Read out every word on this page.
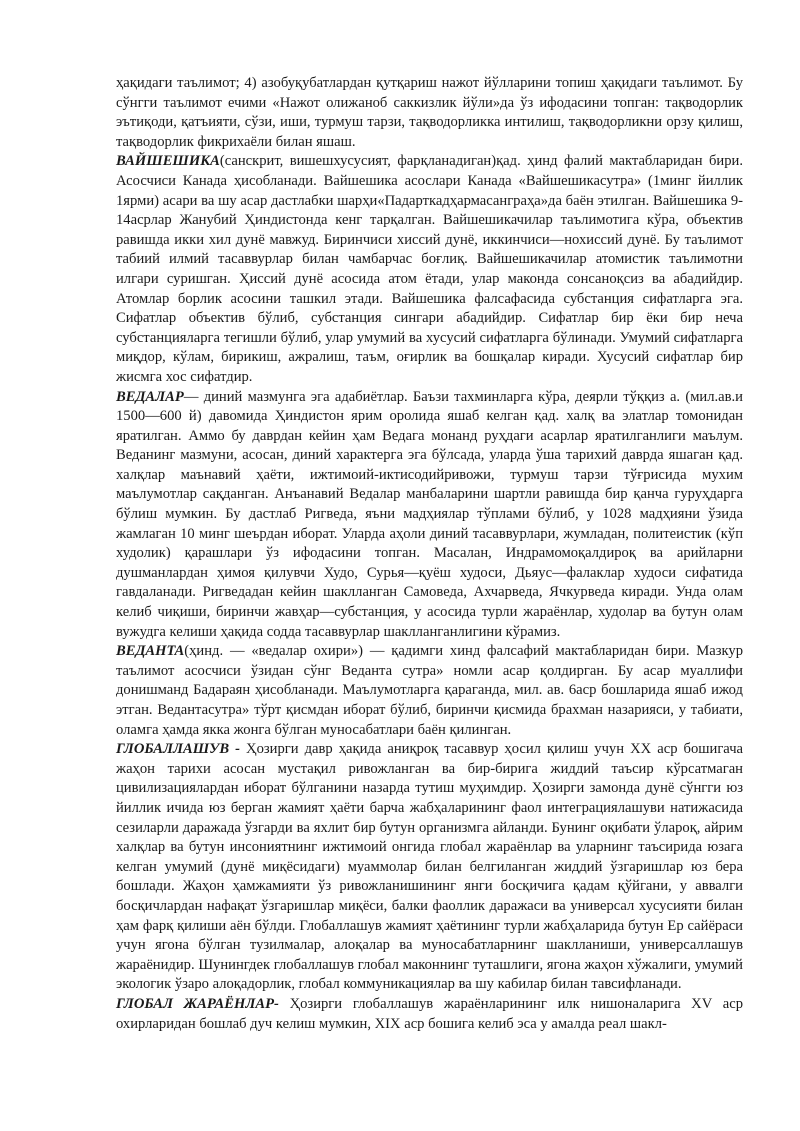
ҳақидаги таълимот; 4) азобуқубатлардан қутқариш нажот йўлларини топиш ҳақидаги таълимот. Бу сўнгги таълимот ечими «Нажот олижаноб саккизлик йўли»да ўз ифодасини топган: тақводорлик эътиқоди, қатъияти, сўзи, иши, турмуш тарзи, тақводорликка интилиш, тақводорликни орзу қилиш, тақводорлик фикрихаёли билан яшаш.

ВАЙШЕШИКА(санскрит, вишешхусусият, фарқланадиган)қад. ҳинд фалий мактабларидан бири. Асосчиси Канада ҳисобланади. Вайшешика асослари Канада «Вайшешикасутра» (1минг йиллик 1ярми) асари ва шу асар дастлабки шарҳи«Падарткадҳармасанграҳа»да баён этилган. Вайшешика 9-14асрлар Жанубий Ҳиндистонда кенг тарқалган. Вайшешикачилар таълимотига кўра, объектив равишда икки хил дунё мавжуд. Биринчиси хиссий дунё, иккинчиси—нохиссий дунё. Бу таълимот табиий илмий тасаввурлар билан чамбарчас боғлиқ. Вайшешикачилар атомистик таълимотни илгари суришган. Ҳиссий дунё асосида атом ётади, улар маконда сонсаноқсиз ва абадийдир. Атомлар борлик асосини ташкил этади. Вайшешика фалсафасида субстанция сифатларга эга. Сифатлар объектив бўлиб, субстанция сингари абадийдир. Сифатлар бир ёки бир неча субстанцияларга тегишли бўлиб, улар умумий ва хусусий сифатларга бўлинади. Умумий сифатларга миқдор, кўлам, бирикиш, ажралиш, таъм, оғирлик ва бошқалар киради. Хусусий сифатлар бир жисмга хос сифатдир.

ВЕДАЛАР— диний мазмунга эга адабиётлар. Баъзи тахминларга кўра, деярли тўққиз а. (мил.ав.и 1500—600 й) давомида Ҳиндистон ярим оролида яшаб келган қад. халқ ва элатлар томонидан яратилган. Аммо бу даврдан кейин ҳам Ведага монанд руҳдаги асарлар яратилганлиги маълум. Веданинг мазмуни, асосан, диний характерга эга бўлсада, уларда ўша тарихий даврда яшаган қад. халқлар маънавий ҳаёти, ижтимоий-иктисодийривожи, турмуш тарзи тўғрисида мухим маълумотлар сақданган. Анъанавий Ведалар манбаларини шартли равишда бир қанча гуруҳдарга бўлиш мумкин. Бу дастлаб Ригведа, яъни мадҳиялар тўплами бўлиб, у 1028 мадҳияни ўзида жамлаган 10 минг шеърдан иборат. Уларда аҳоли диний тасаввурлари, жумладан, политеистик (кўп худолик) қарашлари ўз ифодасини топган. Масалан, Индрамомоқалдироқ ва арийларни душманлардан ҳимоя қилувчи Худо, Сурья—қуёш худоси, Дьяус—фалаклар худоси сифатида гавдаланади. Ригведадан кейин шаклланган Самоведа, Ахчарведа, Ячкурведа киради. Унда олам келиб чиқиши, биринчи жавҳар—субстанция, у асосида турли жараёнлар, худолар ва бутун олам вужудга келиши ҳақида содда тасаввурлар шаклланганлигини кўрамиз.

ВЕДАНТА(ҳинд. — «ведалар охири») — қадимги хинд фалсафий мактабларидан бири. Мазкур таълимот асосчиси ўзидан сўнг Веданта сутра» номли асар қолдирган. Бу асар муаллифи донишманд Бадараян ҳисобланади. Маълумотларга қараганда, мил. ав. 6аср бошларида яшаб ижод этган. Ведантасутра» тўрт қисмдан иборат бўлиб, биринчи қисмида брахман назарияси, у табиати, оламга ҳамда якка жонга бўлган муносабатлари баён қилинган.

ГЛОБАЛЛАШУВ - Ҳозирги давр ҳақида аниқроқ тасаввур ҳосил қилиш учун XX аср бошигача жаҳон тарихи асосан мустақил ривожланган ва бир-бирига жиддий таъсир кўрсатмаган цивилизациялардан иборат бўлганини назарда тутиш муҳимдир. Ҳозирги замонда дунё сўнгги юз йиллик ичида юз берган жамият ҳаёти барча жабҳаларининг фаол интеграциялашуви натижасида сезиларли даражада ўзгарди ва яхлит бир бутун организмга айланди. Бунинг оқибати ўлароқ, айрим халқлар ва бутун инсониятнинг ижтимоий онгида глобал жараёнлар ва уларнинг таъсирида юзага келган умумий (дунё миқёсидаги) муаммолар билан белгиланган жиддий ўзгаришлар юз бера бошлади. Жаҳон ҳамжамияти ўз ривожланишининг янги босқичига қадам қўйгани, у аввалги босқичлардан нафақат ўзгаришлар миқёси, балки фаоллик даражаси ва универсал хусусияти билан ҳам фарқ қилиши аён бўлди. Глобаллашув жамият ҳаётининг турли жабҳаларида бутун Ер сайёраси учун ягона бўлган тузилмалар, алоқалар ва муносабатларнинг шаклланиши, универсаллашув жараёнидир. Шунингдек глобаллашув глобал маконнинг туташлиги, ягона жаҳон хўжалиги, умумий экологик ўзаро алоқадорлик, глобал коммуникациялар ва шу кабилар билан тавсифланади.

ГЛОБАЛ ЖАРАЁНЛАР- Ҳозирги глобаллашув жараёнларининг илк нишоналарига XV аср охирларидан бошлаб дуч келиш мумкин, XIX аср бошига келиб эса у амалда реал шакл-
